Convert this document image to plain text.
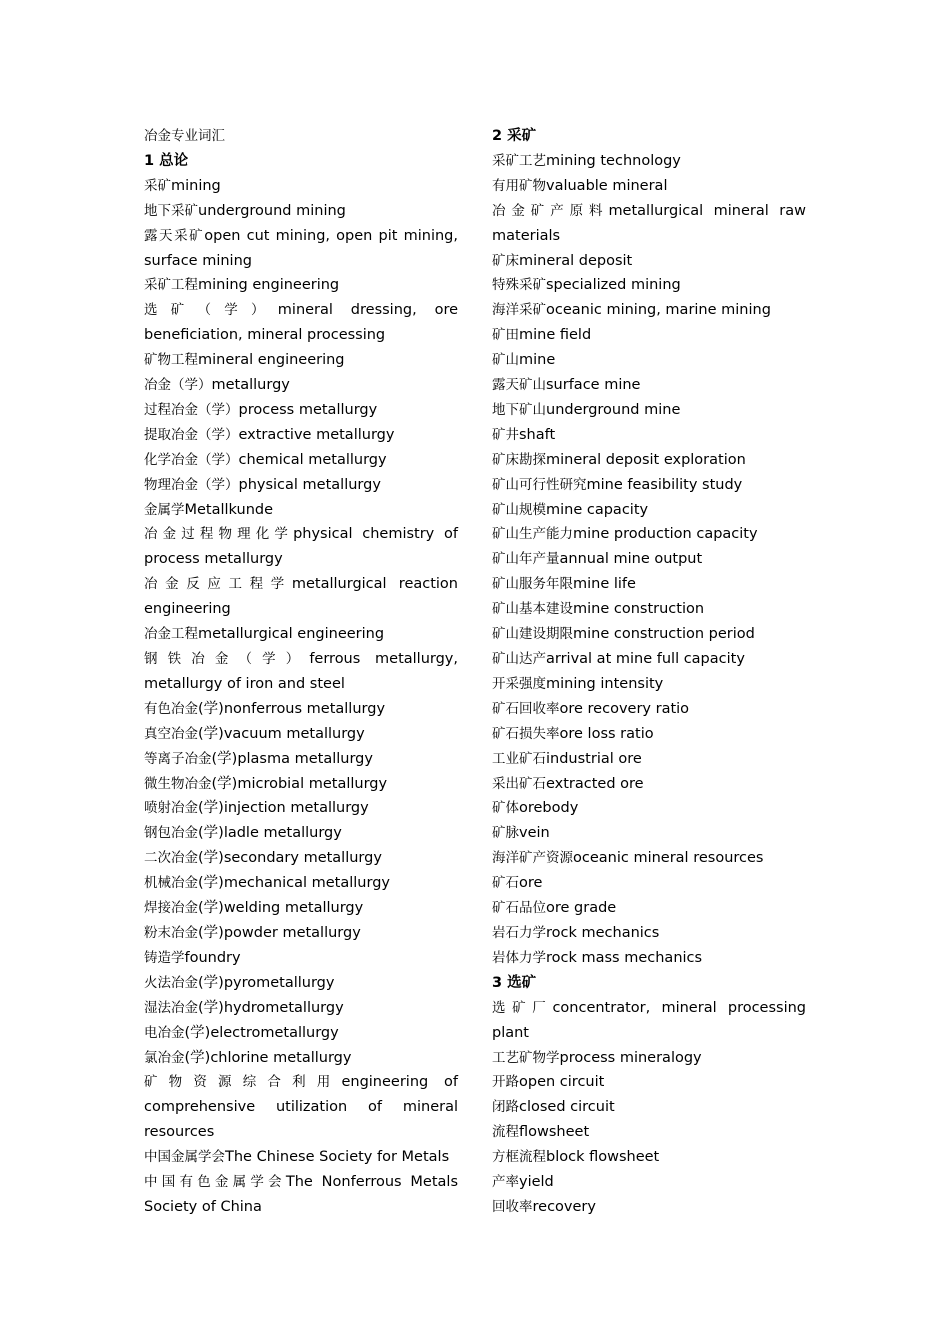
冶金专业词汇
1 总论
采矿mining
地下采矿underground mining
露天采矿open cut mining, open pit mining, surface mining
采矿工程mining engineering
选矿（学）mineral dressing, ore beneficiation, mineral processing
矿物工程mineral engineering
冶金（学）metallurgy
过程冶金（学）process metallurgy
提取冶金（学）extractive metallurgy
化学冶金（学）chemical metallurgy
物理冶金（学）physical metallurgy
金属学Metallkunde
冶金过程物理化学physical chemistry of process metallurgy
冶金反应工程学metallurgical reaction engineering
冶金工程metallurgical engineering
钢铁冶金（学）ferrous metallurgy, metallurgy of iron and steel
有色冶金(学)nonferrous metallurgy
真空冶金(学)vacuum metallurgy
等离子冶金(学)plasma metallurgy
微生物冶金(学)microbial metallurgy
喷射冶金(学)injection metallurgy
钢包冶金(学)ladle metallurgy
二次冶金(学)secondary metallurgy
机械冶金(学)mechanical metallurgy
焊接冶金(学)welding metallurgy
粉末冶金(学)powder metallurgy
铸造学foundry
火法冶金(学)pyrometallurgy
湿法冶金(学)hydrometallurgy
电冶金(学)electrometallurgy
氯冶金(学)chlorine metallurgy
矿物资源综合利用engineering of comprehensive utilization of mineral resources
中国金属学会The Chinese Society for Metals
中国有色金属学会The Nonferrous Metals Society of China
2 采矿
采矿工艺mining technology
有用矿物valuable mineral
冶金矿产原料metallurgical mineral raw materials
矿床mineral deposit
特殊采矿specialized mining
海洋采矿oceanic mining, marine mining
矿田mine field
矿山mine
露天矿山surface mine
地下矿山underground mine
矿井shaft
矿床勘探mineral deposit exploration
矿山可行性研究mine feasibility study
矿山规模mine capacity
矿山生产能力mine production capacity
矿山年产量annual mine output
矿山服务年限mine life
矿山基本建设mine construction
矿山建设期限mine construction period
矿山达产arrival at mine full capacity
开采强度mining intensity
矿石回收率ore recovery ratio
矿石损失率ore loss ratio
工业矿石industrial ore
采出矿石extracted ore
矿体orebody
矿脉vein
海洋矿产资源oceanic mineral resources
矿石ore
矿石品位ore grade
岩石力学rock mechanics
岩体力学rock mass mechanics
3 选矿
选矿厂concentrator, mineral processing plant
工艺矿物学process mineralogy
开路open circuit
闭路closed circuit
流程flowsheet
方框流程block flowsheet
产率yield
回收率recovery
